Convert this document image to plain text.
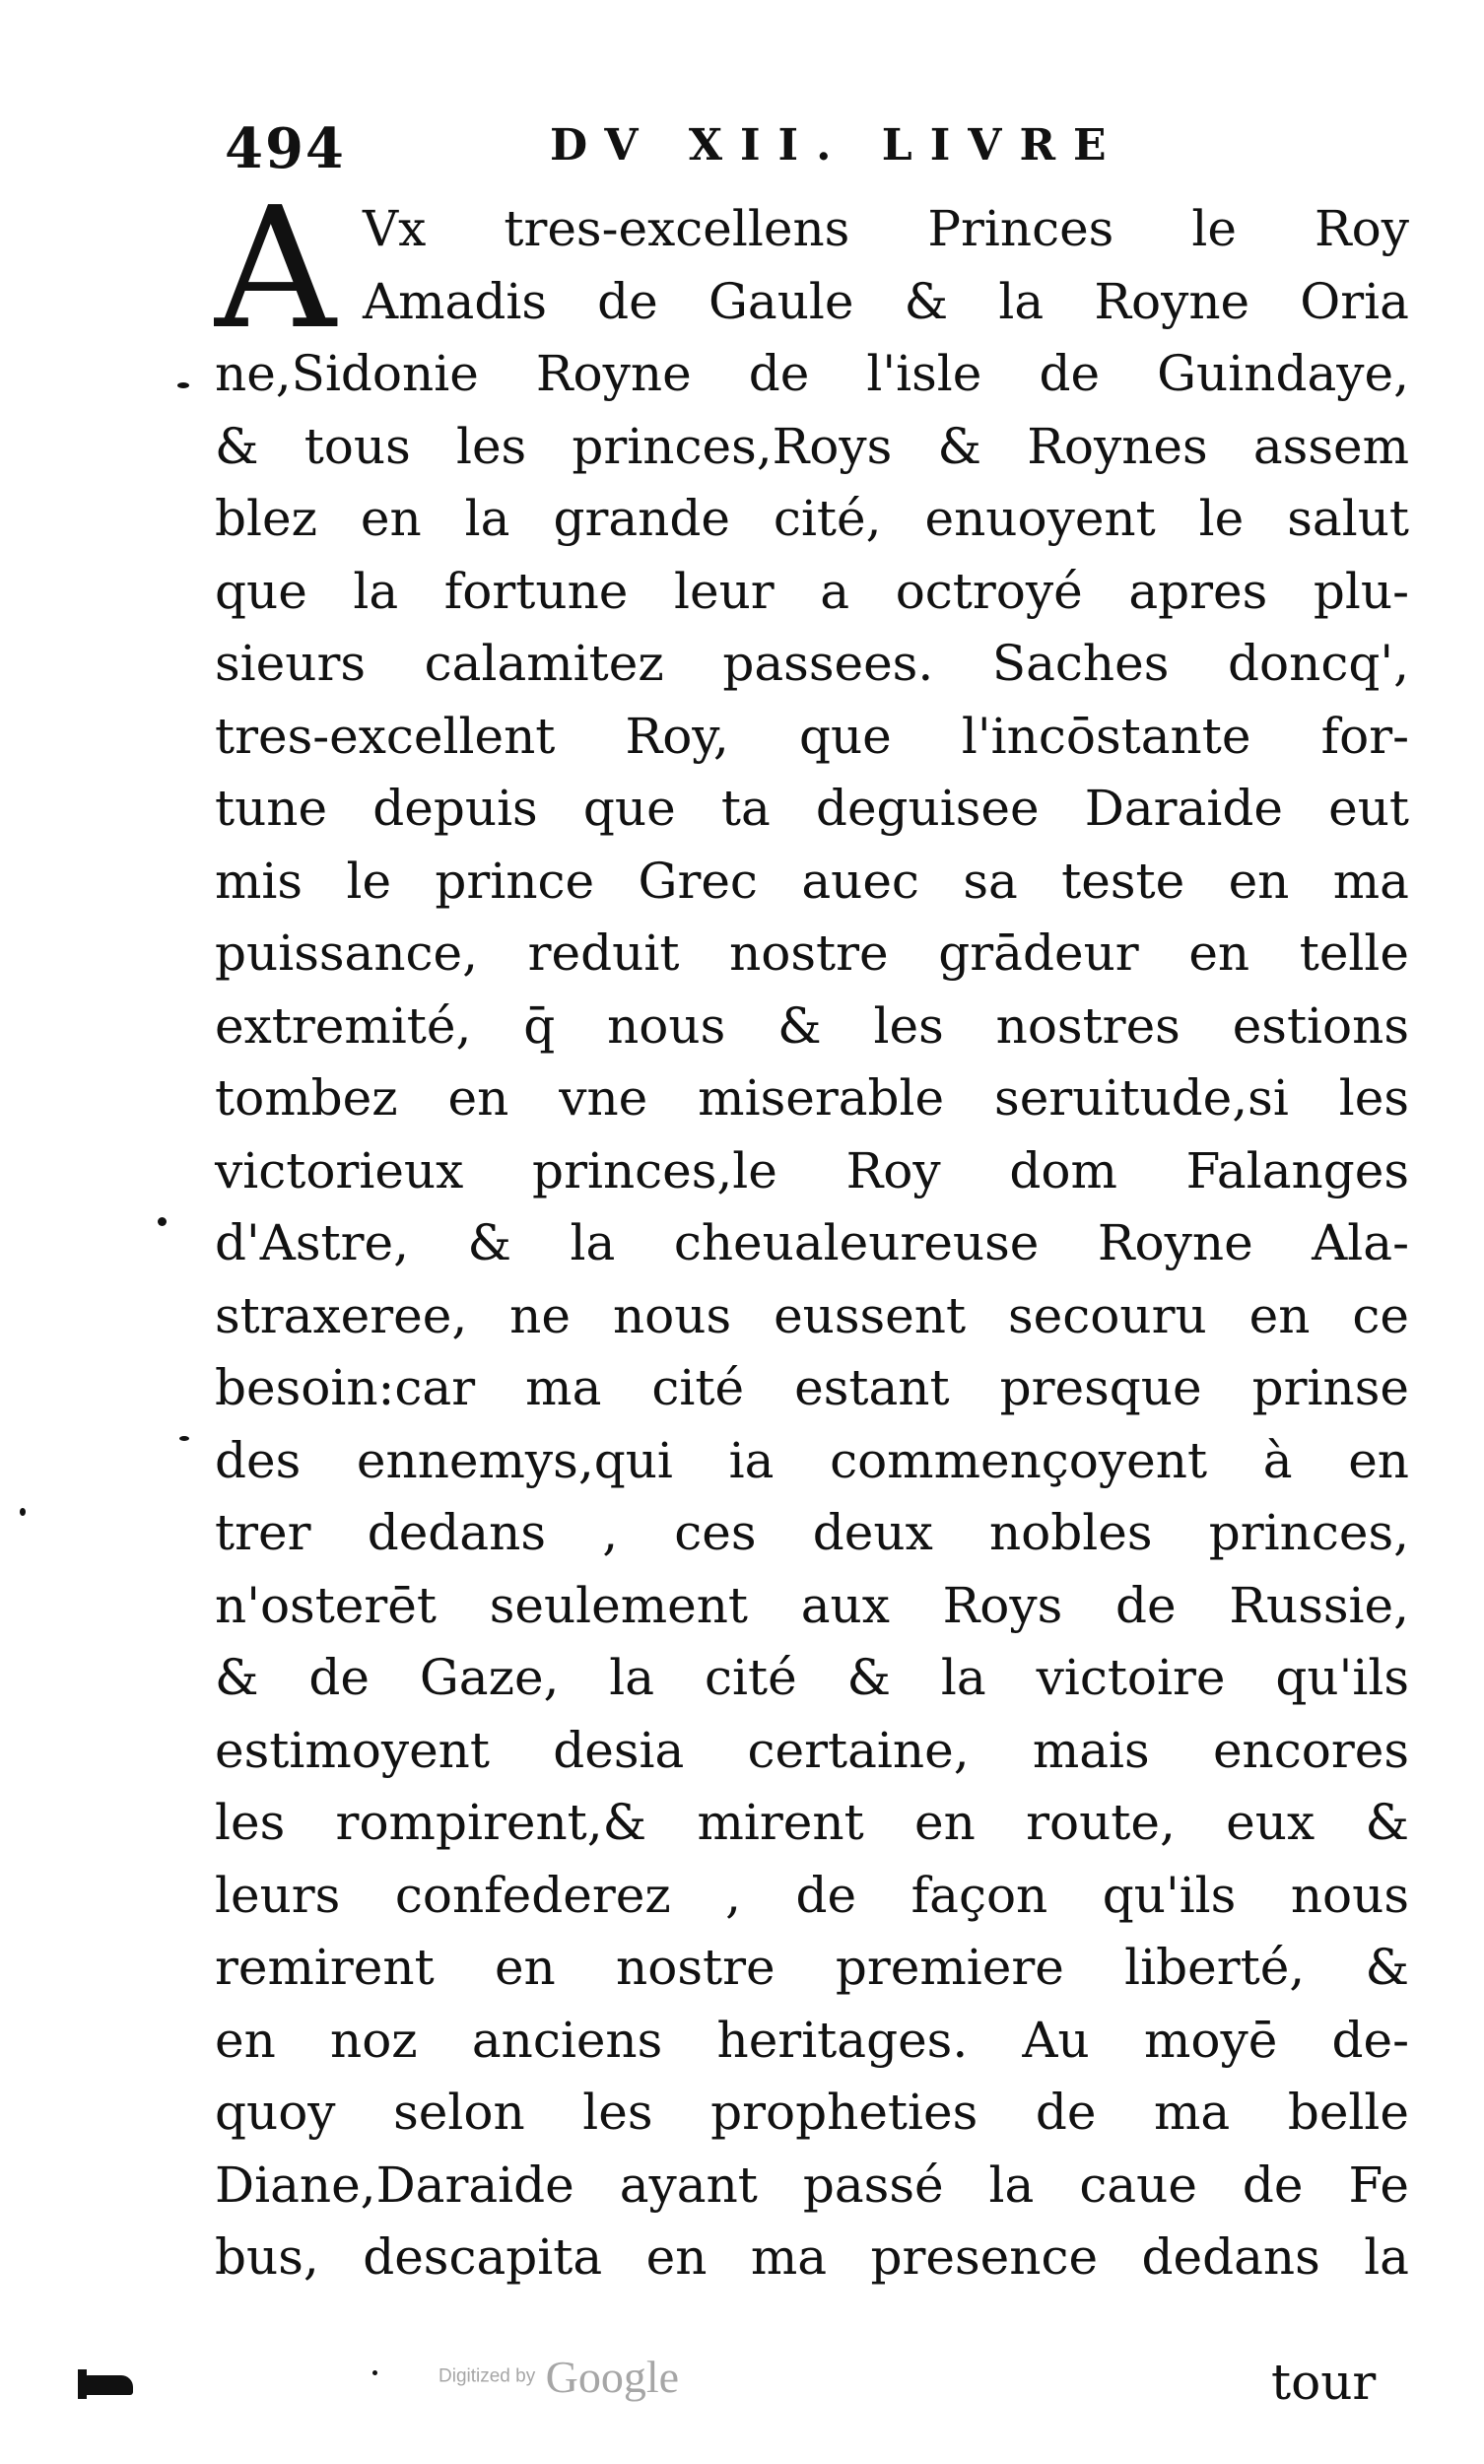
494	DV XII. LIVRE
A Vx tres-excellens Princes le Roy
Amadis de Gaule & la Royne Oria
ne,Sidonie Royne de l'isle de Guindaye,
& tous les princes,Roys & Roynes assem
blez en la grande cité, enuoyent le salut
que la fortune leur a octroyé apres plu-
sieurs calamitez passees. Saches doncq',
tres-excellent Roy, que l'incōstante for-
tune depuis que ta deguisee Daraide eut
mis le prince Grec auec sa teste en ma
puissance, reduit nostre grādeur en telle
extremité, q̄ nous & les nostres estions
tombez en vne miserable seruitude,si les
victorieux princes,le Roy dom Falanges
d'Astre, & la cheualeureuse Royne Ala-
straxeree, ne nous eussent secouru en ce
besoin:car ma cité estant presque prinse
des ennemys,qui ia commençoyent à en
trer dedans , ces deux nobles princes,
n'osterēt seulement aux Roys de Russie,
& de Gaze, la cité & la victoire qu'ils
estimoyent desia certaine, mais encores
les rompirent,& mirent en route, eux &
leurs confederez , de façon qu'ils nous
remirent en nostre premiere liberté, &
en noz anciens heritages. Au moyē de-
quoy selon les propheties de ma belle
Diane,Daraide ayant passé la caue de Fe
bus, descapita en ma presence dedans la
tour
Digitized by Google
